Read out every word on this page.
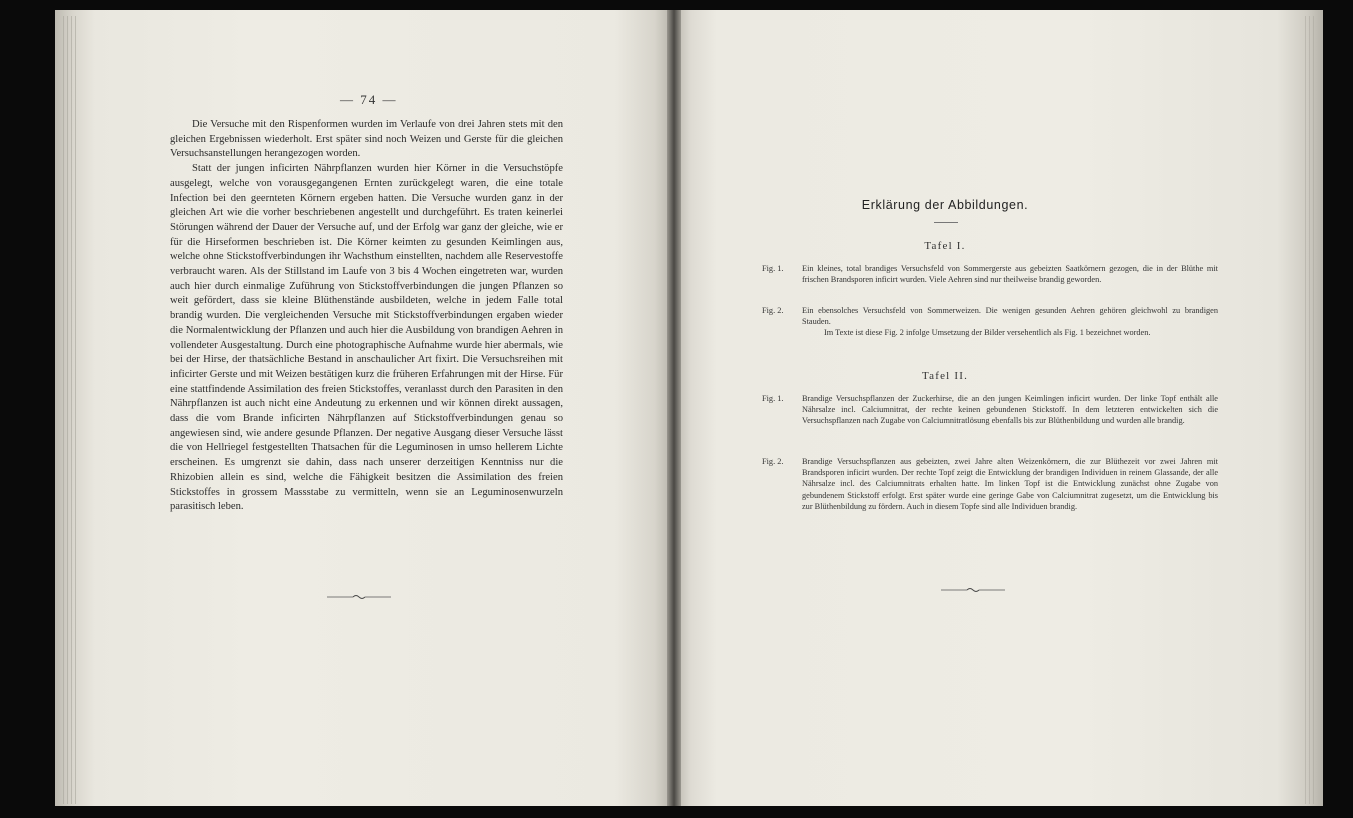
— 74 —

Die Versuche mit den Rispenformen wurden im Verlaufe von drei Jahren stets mit den gleichen Ergebnissen wiederholt. Erst später sind noch Weizen und Gerste für die gleichen Versuchsanstellungen herangezogen worden.

Statt der jungen inficirten Nährpflanzen wurden hier Körner in die Versuchstöpfe ausgelegt, welche von vorausgegangenen Ernten zurückgelegt waren, die eine totale Infection bei den geernteten Körnern ergeben hatten. Die Versuche wurden ganz in der gleichen Art wie die vorher beschriebenen angestellt und durchgeführt. Es traten keinerlei Störungen während der Dauer der Versuche auf, und der Erfolg war ganz der gleiche, wie er für die Hirseformen beschrieben ist. Die Körner keimten zu gesunden Keimlingen aus, welche ohne Stickstoffverbindungen ihr Wachsthum einstellten, nachdem alle Reservestoffe verbraucht waren. Als der Stillstand im Laufe von 3 bis 4 Wochen eingetreten war, wurden auch hier durch einmalige Zuführung von Stickstoffverbindungen die jungen Pflanzen so weit gefördert, dass sie kleine Blüthenstände ausbildeten, welche in jedem Falle total brandig wurden. Die vergleichenden Versuche mit Stickstoffverbindungen ergaben wieder die Normalentwicklung der Pflanzen und auch hier die Ausbildung von brandigen Aehren in vollendeter Ausgestaltung. Durch eine photographische Aufnahme wurde hier abermals, wie bei der Hirse, der thatsächliche Bestand in anschaulicher Art fixirt. Die Versuchsreihen mit inficirter Gerste und mit Weizen bestätigen kurz die früheren Erfahrungen mit der Hirse. Für eine stattfindende Assimilation des freien Stickstoffes, veranlasst durch den Parasiten in den Nährpflanzen ist auch nicht eine Andeutung zu erkennen und wir können direkt aussagen, dass die vom Brande inficirten Nährpflanzen auf Stickstoffverbindungen genau so angewiesen sind, wie andere gesunde Pflanzen. Der negative Ausgang dieser Versuche lässt die von Hellriegel festgestellten Thatsachen für die Leguminosen in umso hellerem Lichte erscheinen. Es umgrenzt sie dahin, dass nach unserer derzeitigen Kenntniss nur die Rhizobien allein es sind, welche die Fähigkeit besitzen die Assimilation des freien Stickstoffes in grossem Massstabe zu vermitteln, wenn sie an Leguminosenwurzeln parasitisch leben.

Erklärung der Abbildungen.
Tafel I.
Fig. 1.	Ein kleines, total brandiges Versuchsfeld von Sommergerste aus gebeizten Saatkörnern gezogen, die in der Blüthe mit frischen Brandsporen inficirt wurden. Viele Aehren sind nur theilweise brandig geworden.
Fig. 2.	Ein ebensolches Versuchsfeld von Sommerweizen. Die wenigen gesunden Aehren gehören gleichwohl zu brandigen Stauden.
Im Texte ist diese Fig. 2 infolge Umsetzung der Bilder versehentlich als Fig. 1 bezeichnet worden.
Tafel II.
Fig. 1.	Brandige Versuchspflanzen der Zuckerhirse, die an den jungen Keimlingen inficirt wurden. Der linke Topf enthält alle Nährsalze incl. Calciumnitrat, der rechte keinen gebundenen Stickstoff. In dem letzteren entwickelten sich die Versuchspflanzen nach Zugabe von Calciumnitratlösung ebenfalls bis zur Blüthenbildung und wurden alle brandig.
Fig. 2.	Brandige Versuchspflanzen aus gebeizten, zwei Jahre alten Weizenkörnern, die zur Blüthezeit vor zwei Jahren mit Brandsporen inficirt wurden. Der rechte Topf zeigt die Entwicklung der brandigen Individuen in reinem Glassande, der alle Nährsalze incl. des Calciumnitrats erhalten hatte. Im linken Topf ist die Entwicklung zunächst ohne Zugabe von gebundenem Stickstoff erfolgt. Erst später wurde eine geringe Gabe von Calciumnitrat zugesetzt, um die Entwicklung bis zur Blüthenbildung zu fördern. Auch in diesem Topfe sind alle Individuen brandig.
